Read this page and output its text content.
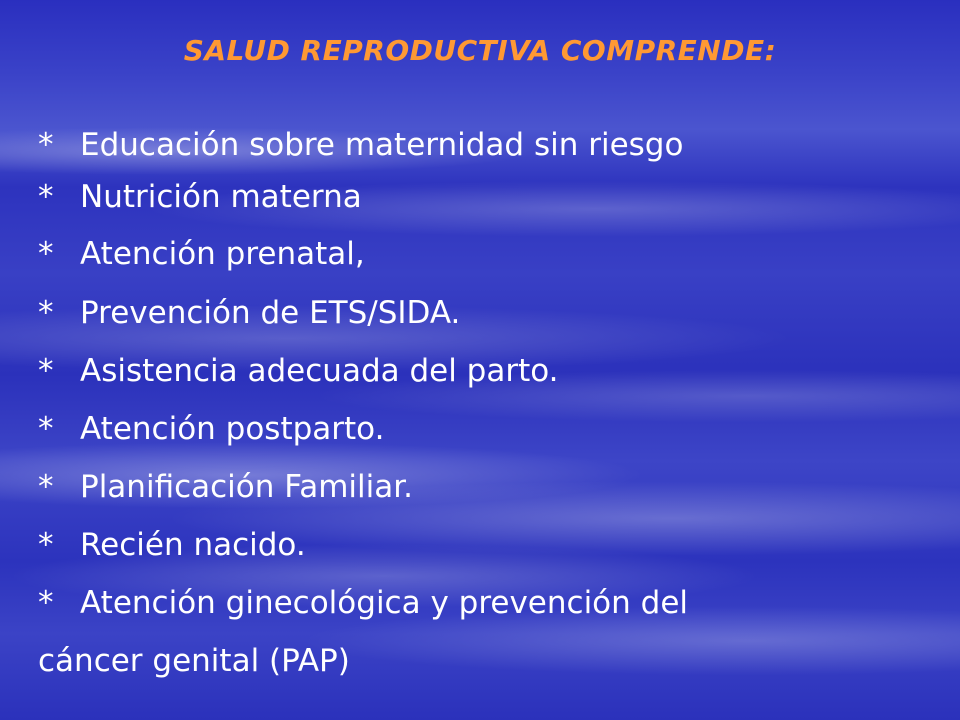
SALUD REPRODUCTIVA COMPRENDE:
* Educación sobre maternidad sin riesgo
* Nutrición materna
* Atención prenatal,
* Prevención de ETS/SIDA.
* Asistencia adecuada del parto.
* Atención postparto.
* Planificación Familiar.
* Recién nacido.
* Atención ginecológica y prevención del
cáncer genital (PAP)
